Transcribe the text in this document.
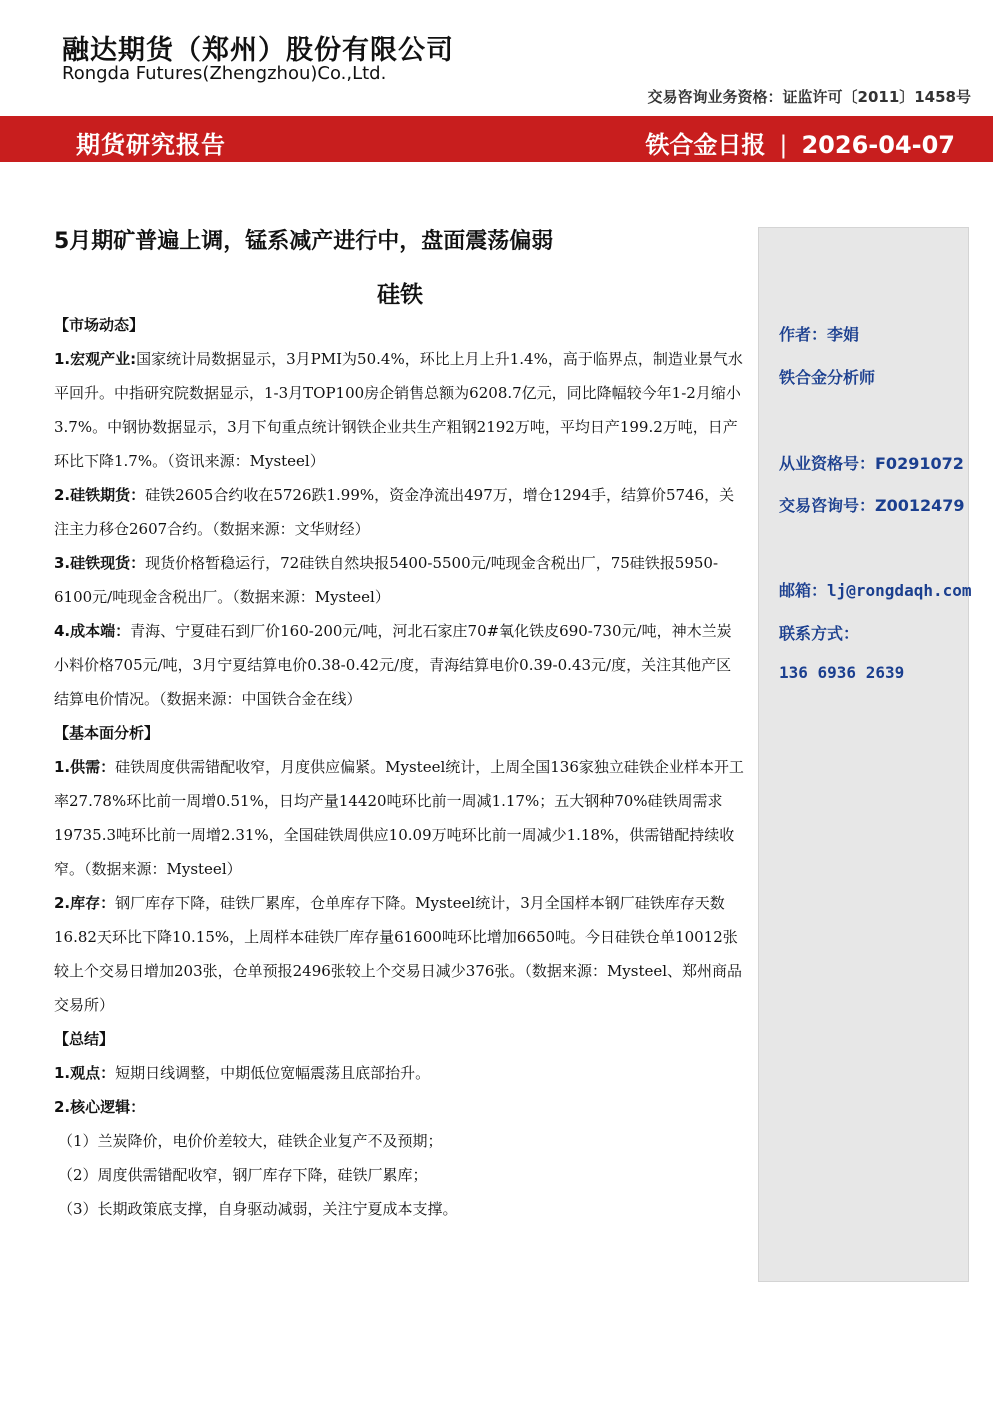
融达期货（郑州）股份有限公司
Rongda Futures(Zhengzhou)Co.,Ltd.
交易咨询业务资格：证监许可〔2011〕1458号
期货研究报告	铁合金日报 | 2026-04-07
5月期矿普遍上调，锰系减产进行中，盘面震荡偏弱
硅铁

【市场动态】

1.宏观产业:国家统计局数据显示，3月PMI为50.4%，环比上月上升1.4%，高于临界点，制造业景气水平回升。中指研究院数据显示，1-3月TOP100房企销售总额为6208.7亿元，同比降幅较今年1-2月缩小3.7%。中钢协数据显示，3月下旬重点统计钢铁企业共生产粗钢2192万吨，平均日产199.2万吨，日产环比下降1.7%。（资讯来源：Mysteel）

2.硅铁期货：硅铁2605合约收在5726跌1.99%，资金净流出497万，增仓1294手，结算价5746，关注主力移仓2607合约。（数据来源：文华财经）

3.硅铁现货：现货价格暂稳运行，72硅铁自然块报5400-5500元/吨现金含税出厂，75硅铁报5950-6100元/吨现金含税出厂。（数据来源：Mysteel）

4.成本端：青海、宁夏硅石到厂价160-200元/吨，河北石家庄70#氧化铁皮690-730元/吨，神木兰炭小料价格705元/吨，3月宁夏结算电价0.38-0.42元/度，青海结算电价0.39-0.43元/度，关注其他产区结算电价情况。（数据来源：中国铁合金在线）

【基本面分析】

1.供需：硅铁周度供需错配收窄，月度供应偏紧。Mysteel统计，上周全国136家独立硅铁企业样本开工率27.78%环比前一周增0.51%，日均产量14420吨环比前一周减1.17%；五大钢种70%硅铁周需求19735.3吨环比前一周增2.31%，全国硅铁周供应10.09万吨环比前一周减少1.18%，供需错配持续收窄。（数据来源：Mysteel）

2.库存：钢厂库存下降，硅铁厂累库，仓单库存下降。Mysteel统计，3月全国样本钢厂硅铁库存天数16.82天环比下降10.15%，上周样本硅铁厂库存量61600吨环比增加6650吨。今日硅铁仓单10012张较上个交易日增加203张，仓单预报2496张较上个交易日减少376张。（数据来源：Mysteel、郑州商品交易所）

【总结】

1.观点：短期日线调整，中期低位宽幅震荡且底部抬升。

2.核心逻辑：

（1）兰炭降价，电价价差较大，硅铁企业复产不及预期；

（2）周度供需错配收窄，钢厂库存下降，硅铁厂累库；

（3）长期政策底支撑，自身驱动减弱，关注宁夏成本支撑。

作者：李娟
铁合金分析师
从业资格号：F0291072
交易咨询号：Z0012479
邮箱：lj@rongdaqh.com
联系方式：
136 6936 2639
